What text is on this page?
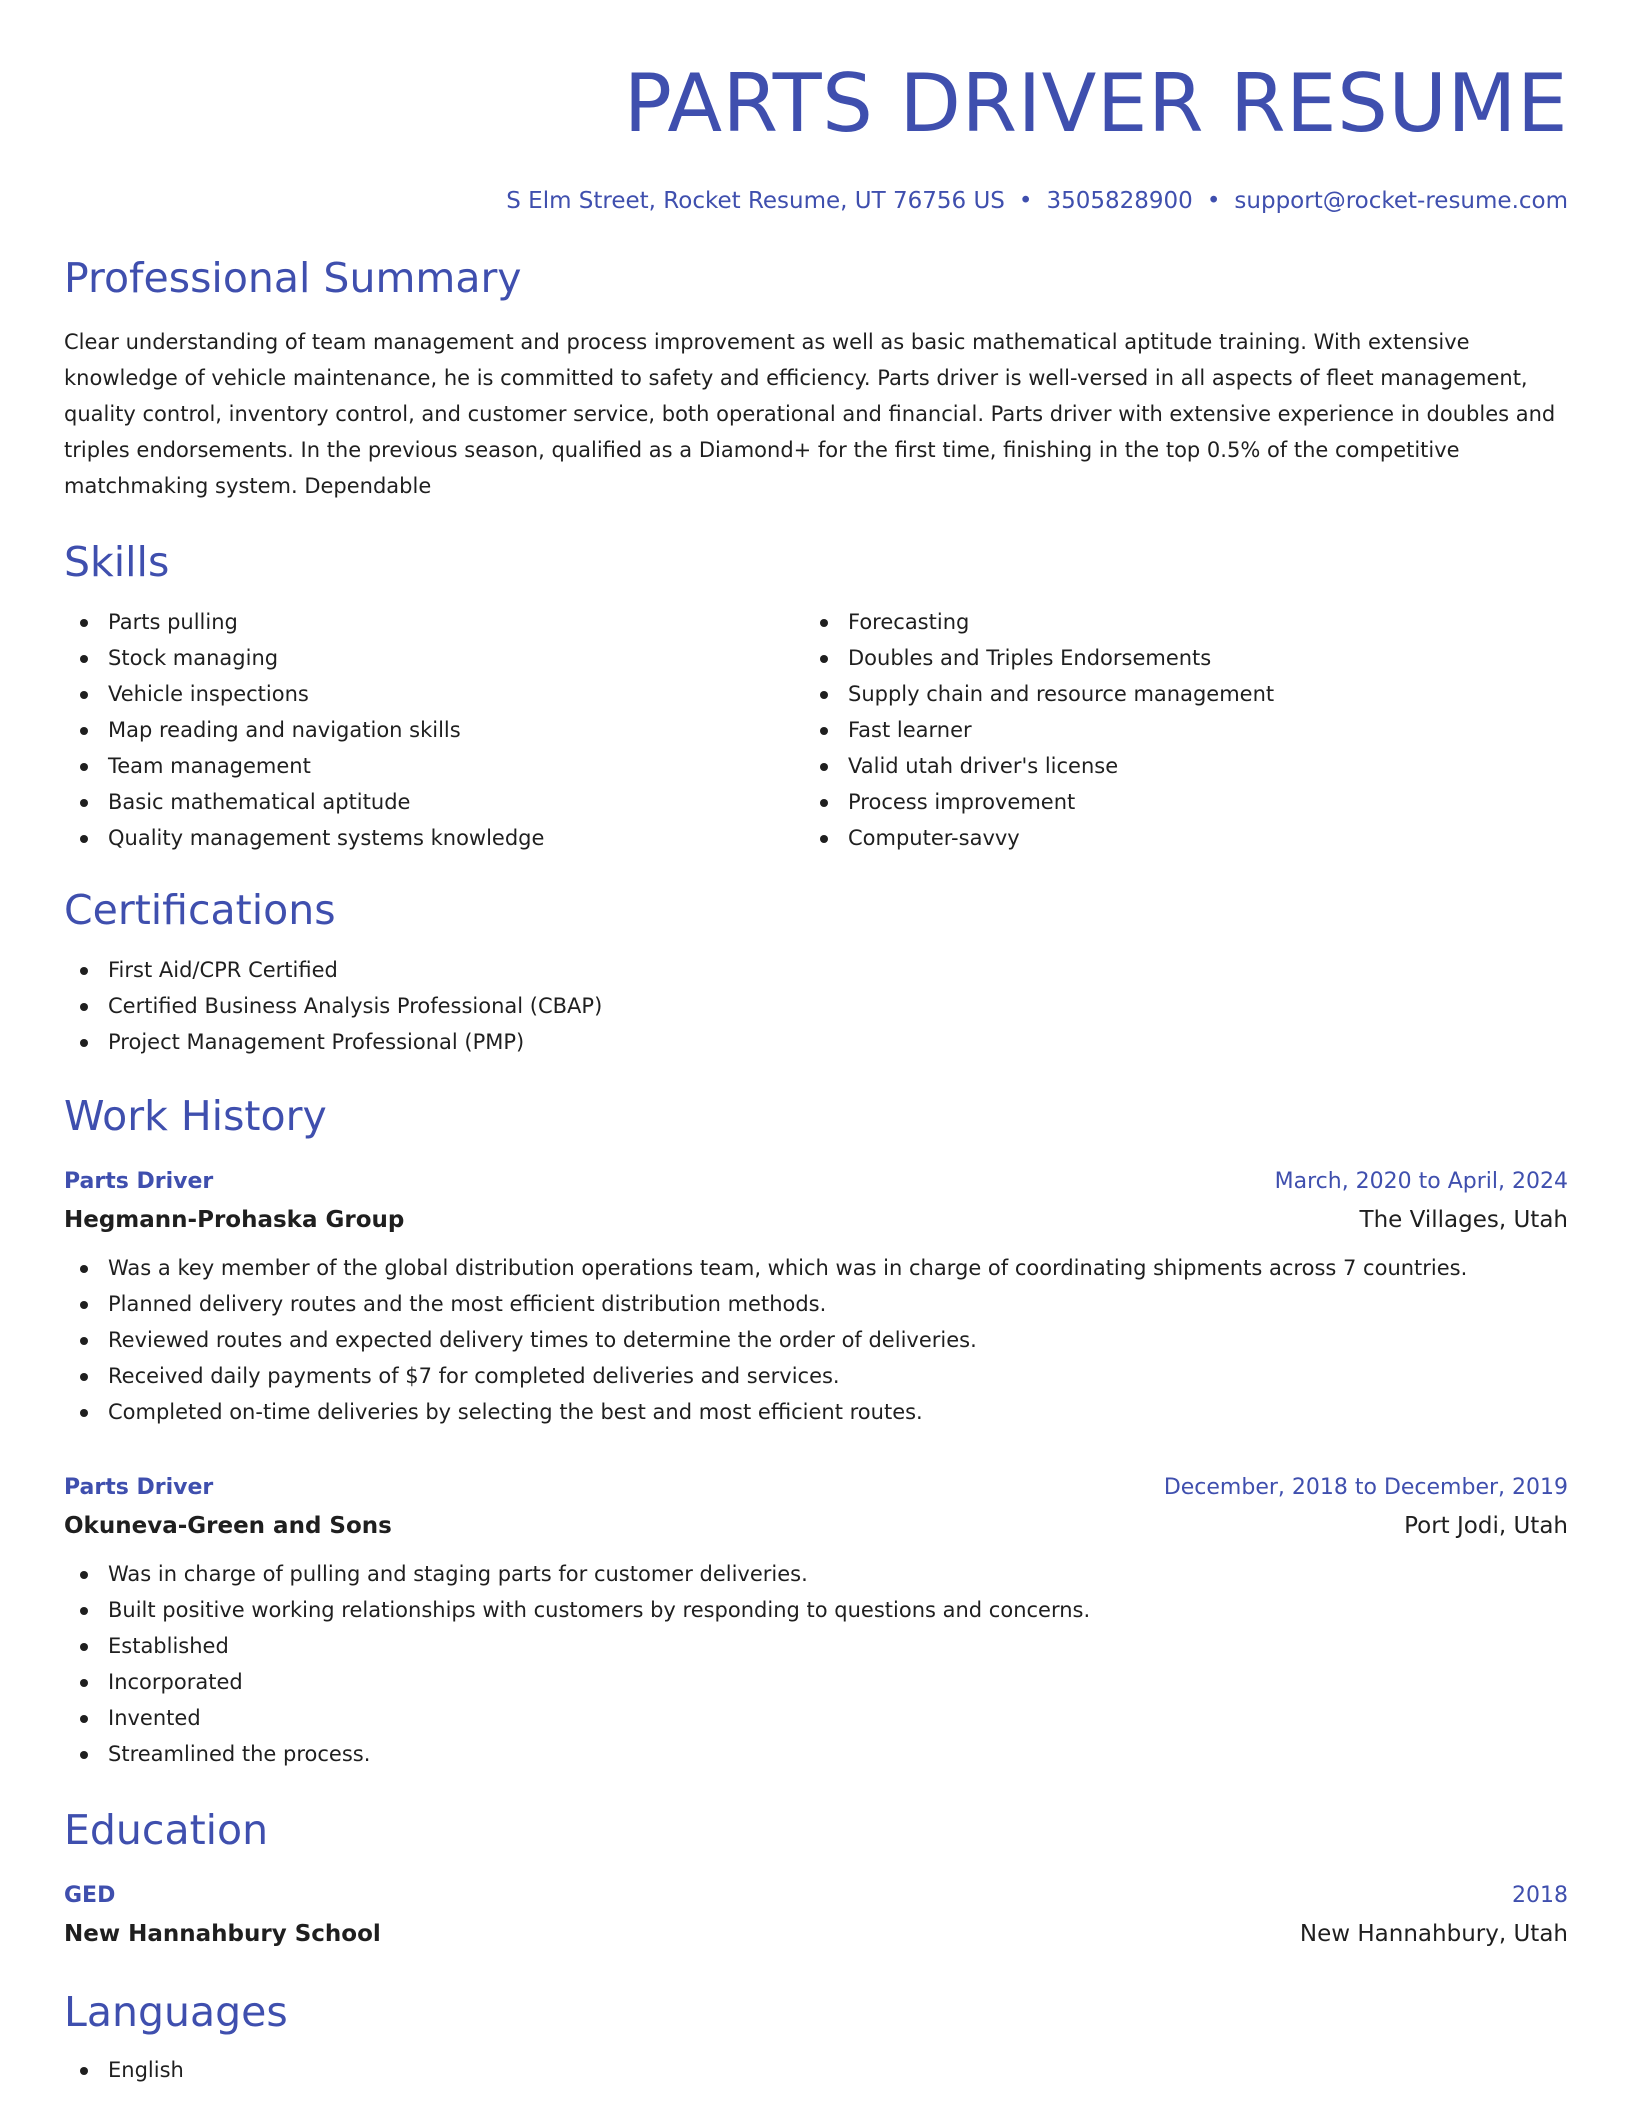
PARTS DRIVER RESUME
S Elm Street, Rocket Resume, UT 76756 US • 3505828900 • support@rocket-resume.com
Professional Summary

Clear understanding of team management and process improvement as well as basic mathematical aptitude training. With extensive knowledge of vehicle maintenance, he is committed to safety and efficiency. Parts driver is well-versed in all aspects of fleet management, quality control, inventory control, and customer service, both operational and financial. Parts driver with extensive experience in doubles and triples endorsements. In the previous season, qualified as a Diamond+ for the first time, finishing in the top 0.5% of the competitive matchmaking system. Dependable

Skills
Parts pulling
Stock managing
Vehicle inspections
Map reading and navigation skills
Team management
Basic mathematical aptitude
Quality management systems knowledge
Forecasting
Doubles and Triples Endorsements
Supply chain and resource management
Fast learner
Valid utah driver's license
Process improvement
Computer-savvy
Certifications
First Aid/CPR Certified
Certified Business Analysis Professional (CBAP)
Project Management Professional (PMP)
Work History
Parts Driver	March, 2020 to April, 2024
Hegmann-Prohaska Group	The Villages, Utah
Was a key member of the global distribution operations team, which was in charge of coordinating shipments across 7 countries.
Planned delivery routes and the most efficient distribution methods.
Reviewed routes and expected delivery times to determine the order of deliveries.
Received daily payments of $7 for completed deliveries and services.
Completed on-time deliveries by selecting the best and most efficient routes.
Parts Driver	December, 2018 to December, 2019
Okuneva-Green and Sons	Port Jodi, Utah
Was in charge of pulling and staging parts for customer deliveries.
Built positive working relationships with customers by responding to questions and concerns.
Established
Incorporated
Invented
Streamlined the process.
Education
GED	2018
New Hannahbury School	New Hannahbury, Utah
Languages
English
